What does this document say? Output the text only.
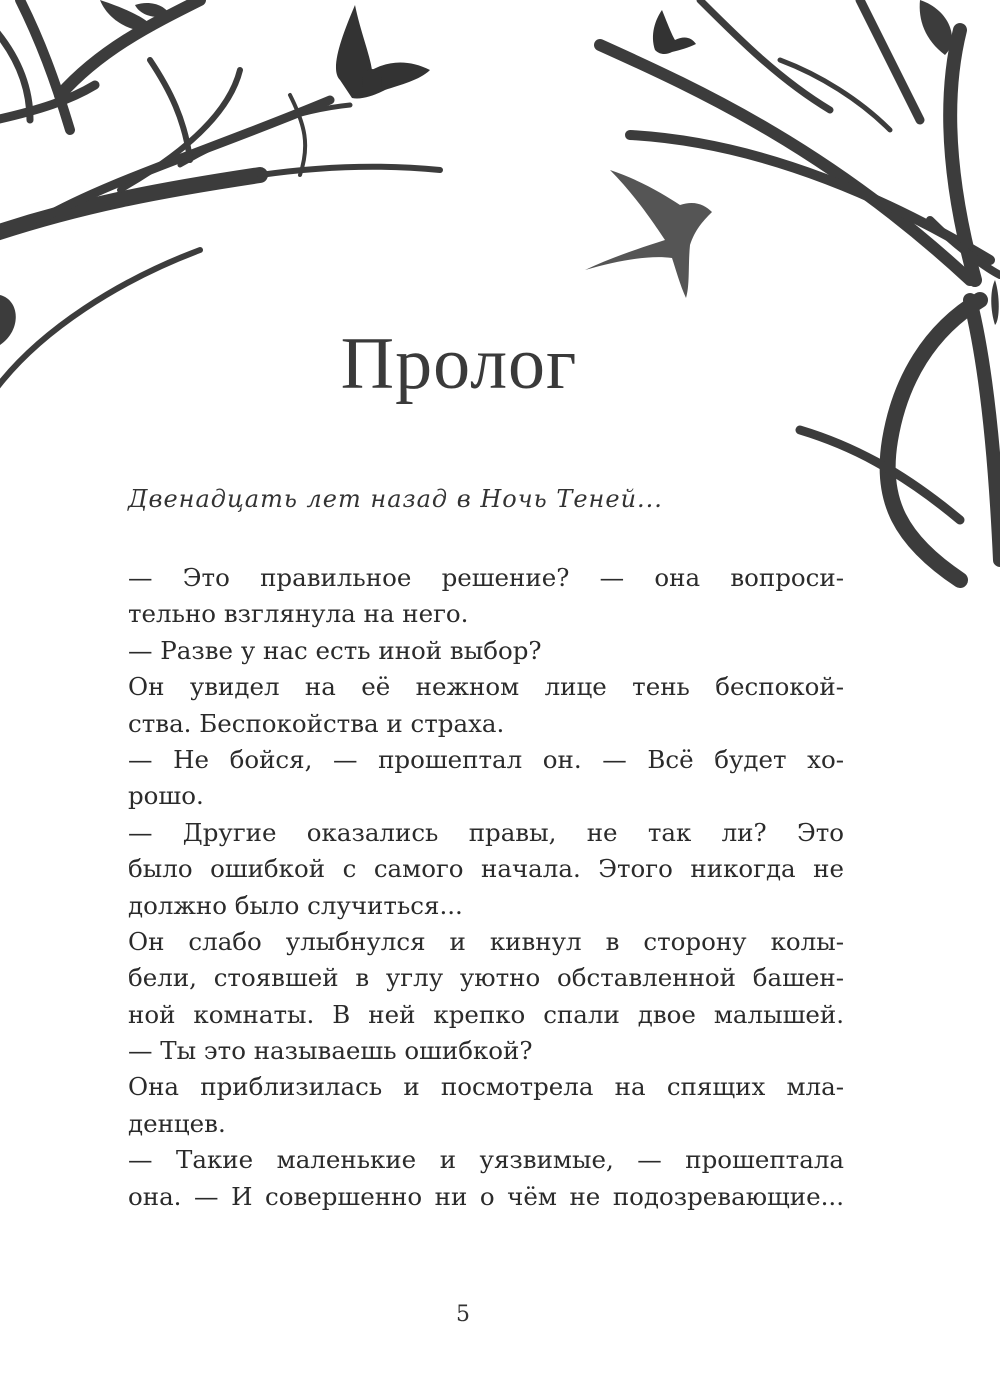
Пролог
Двенадцать лет назад в Ночь Теней...
— Это правильное решение? — она вопроси-
тельно взглянула на него.
— Разве у нас есть иной выбор?
Он увидел на её нежном лице тень беспокой-
ства. Беспокойства и страха.
— Не бойся, — прошептал он. — Всё будет хо-
рошо.
— Другие оказались правы, не так ли? Это
было ошибкой с самого начала. Этого никогда не
должно было случиться...
Он слабо улыбнулся и кивнул в сторону колы-
бели, стоявшей в углу уютно обставленной башен-
ной комнаты. В ней крепко спали двое малышей.
— Ты это называешь ошибкой?
Она приблизилась и посмотрела на спящих мла-
денцев.
— Такие маленькие и уязвимые, — прошептала
она. — И совершенно ни о чём не подозревающие...
5
